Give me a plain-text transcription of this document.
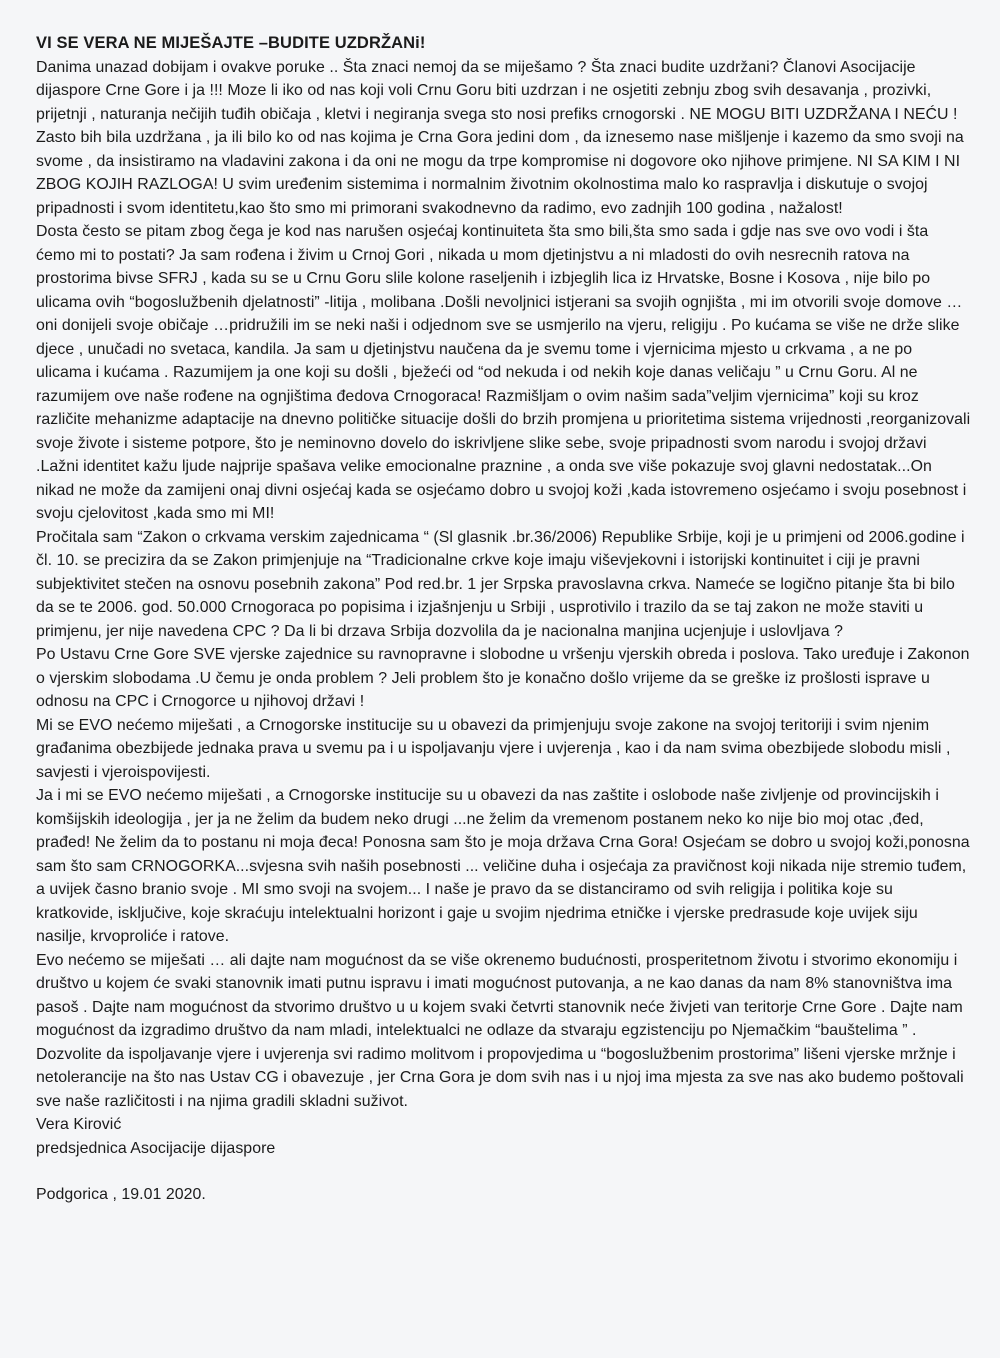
VI SE VERA NE MIJEŠAJTE –BUDITE UZDRŽANi!

Danima unazad dobijam i ovakve poruke .. Šta znaci nemoj da se miješamo ? Šta znaci budite uzdržani? Članovi Asocijacije dijaspore Crne Gore i ja !!! Moze li iko od nas koji voli Crnu Goru biti uzdrzan i ne osjetiti zebnju zbog svih desavanja , prozivki, prijetnji , naturanja nečijih tuđih običaja , kletvi i negiranja svega sto nosi prefiks crnogorski . NE MOGU BITI UZDRŽANA I NEĆU ! Zasto bih bila uzdržana , ja ili bilo ko od nas kojima je Crna Gora jedini dom , da iznesemo nase mišljenje i kazemo da smo svoji na svome , da insistiramo na vladavini zakona i da oni ne mogu da trpe kompromise ni dogovore oko njihove primjene. NI SA KIM I NI ZBOG KOJIH RAZLOGA! U svim uređenim sistemima i normalnim životnim okolnostima malo ko raspravlja i diskutuje o svojoj pripadnosti i svom identitetu,kao što smo mi primorani svakodnevno da radimo, evo zadnjih 100 godina , nažalost!

Dosta često se pitam zbog čega je kod nas narušen osjećaj kontinuiteta šta smo bili,šta smo sada i gdje nas sve ovo vodi i šta ćemo mi to postati? Ja sam rođena i živim u Crnoj Gori , nikada u mom djetinjstvu a ni mladosti do ovih nesrecnih ratova na prostorima bivse SFRJ , kada su se u Crnu Goru slile kolone raseljenih i izbjeglih lica iz Hrvatske, Bosne i Kosova , nije bilo po ulicama ovih “bogoslužbenih djelatnosti” -litija , molibana .Došli nevoljnici istjerani sa svojih ognjišta , mi im otvorili svoje domove …oni donijeli svoje običaje …pridružili im se neki naši i odjednom sve se usmjerilo na vjeru, religiju . Po kućama se više ne drže slike djece , unučadi no svetaca, kandila. Ja sam u djetinjstvu naučena da je svemu tome i vjernicima mjesto u crkvama , a ne po ulicama i kućama . Razumijem ja one koji su došli , bježeći od “od nekuda i od nekih koje danas veličaju ” u Crnu Goru. Al ne razumijem ove naše rođene na ognjištima đedova Crnogoraca! Razmišljam o ovim našim sada”veljim vjernicima” koji su kroz različite mehanizme adaptacije na dnevno političke situacije došli do brzih promjena u prioritetima sistema vrijednosti ,reorganizovali svoje živote i sisteme potpore, što je neminovno dovelo do iskrivljene slike sebe, svoje pripadnosti svom narodu i svojoj državi .Lažni identitet kažu ljude najprije spašava velike emocionalne praznine , a onda sve više pokazuje svoj glavni nedostatak...On nikad ne može da zamijeni onaj divni osjećaj kada se osjećamo dobro u svojoj koži ,kada istovremeno osjećamo i svoju posebnost i svoju cjelovitost ,kada smo mi MI!

Pročitala sam “Zakon o crkvama verskim zajednicama “ (Sl glasnik .br.36/2006) Republike Srbije, koji je u primjeni od 2006.godine i čl. 10. se precizira da se Zakon primjenjuje na “Tradicionalne crkve koje imaju viševjekovni i istorijski kontinuitet i ciji je pravni subjektivitet stečen na osnovu posebnih zakona” Pod red.br. 1 jer Srpska pravoslavna crkva. Nameće se logično pitanje šta bi bilo da se te 2006. god. 50.000 Crnogoraca po popisima i izjašnjenju u Srbiji , usprotivilo i trazilo da se taj zakon ne može staviti u primjenu, jer nije navedena CPC ? Da li bi drzava Srbija dozvolila da je nacionalna manjina ucjenjuje i uslovljava ?

Po Ustavu Crne Gore SVE vjerske zajednice su ravnopravne i slobodne u vršenju vjerskih obreda i poslova. Tako uređuje i Zakonon o vjerskim slobodama .U čemu je onda problem ? Jeli problem što je konačno došlo vrijeme da se greške iz prošlosti isprave u odnosu na CPC i Crnogorce u njihovoj državi !

Mi se EVO nećemo miješati , a Crnogorske institucije su u obavezi da primjenjuju svoje zakone na svojoj teritoriji i svim njenim građanima obezbijede jednaka prava u svemu pa i u ispoljavanju vjere i uvjerenja , kao i da nam svima obezbijede slobodu misli , savjesti i vjeroispovijesti.

Ja i mi se EVO nećemo miješati , a Crnogorske institucije su u obavezi da nas zaštite i oslobode naše zivljenje od provincijskih i komšijskih ideologija , jer ja ne želim da budem neko drugi ...ne želim da vremenom postanem neko ko nije bio moj otac ,đed, prađed! Ne želim da to postanu ni moja đeca! Ponosna sam što je moja država Crna Gora! Osjećam se dobro u svojoj koži,ponosna sam što sam CRNOGORKA...svjesna svih naših posebnosti ... veličine duha i osjećaja za pravičnost koji nikada nije stremio tuđem, a uvijek časno branio svoje . MI smo svoji na svojem... I naše je pravo da se distanciramo od svih religija i politika koje su kratkovide, isključive, koje skraćuju intelektualni horizont i gaje u svojim njedrima etničke i vjerske predrasude koje uvijek siju nasilje, krvoproliće i ratove.

Evo nećemo se miješati … ali dajte nam mogućnost da se više okrenemo budućnosti, prosperitetnom životu i stvorimo ekonomiju i društvo u kojem će svaki stanovnik imati putnu ispravu i imati mogućnost putovanja, a ne kao danas da nam 8% stanovništva ima pasoš . Dajte nam mogućnost da stvorimo društvo u u kojem svaki četvrti stanovnik neće živjeti van teritorje Crne Gore . Dajte nam mogućnost da izgradimo društvo da nam mladi, intelektualci ne odlaze da stvaraju egzistenciju po Njemačkim “bauštelima ” . Dozvolite da ispoljavanje vjere i uvjerenja svi radimo molitvom i propovjedima u “bogoslužbenim prostorima” lišeni vjerske mržnje i netolerancije na što nas Ustav CG i obavezuje , jer Crna Gora je dom svih nas i u njoj ima mjesta za sve nas ako budemo poštovali sve naše različitosti i na njima gradili skladni suživot.

Vera Kirović

predsjednica Asocijacije dijaspore

Podgorica , 19.01 2020.
